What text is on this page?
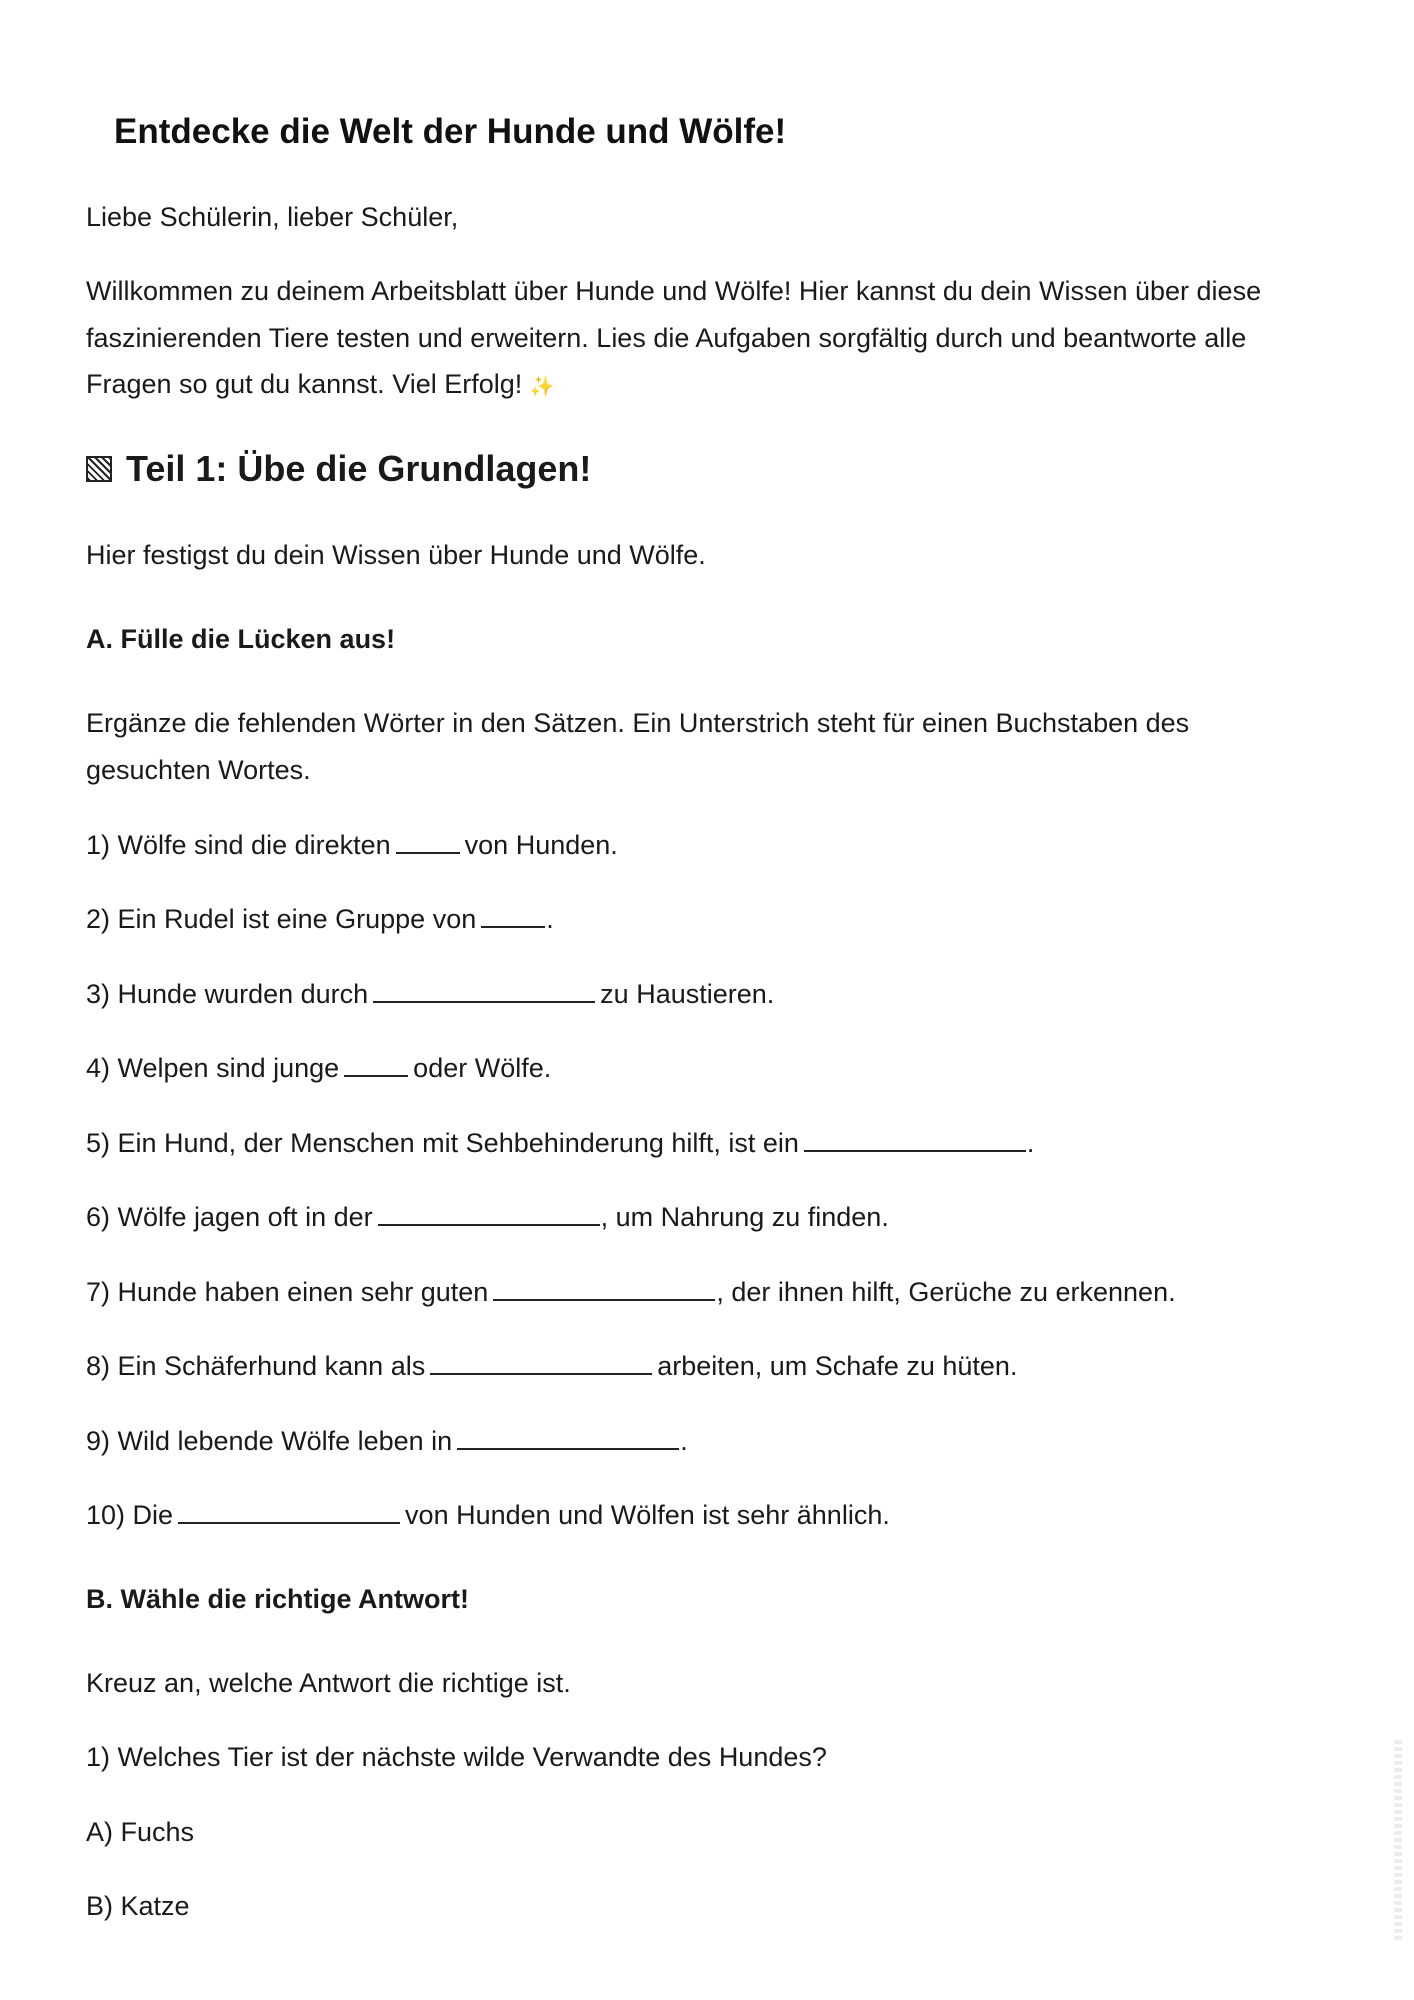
Entdecke die Welt der Hunde und Wölfe!

Liebe Schülerin, lieber Schüler,

Willkommen zu deinem Arbeitsblatt über Hunde und Wölfe! Hier kannst du dein Wissen über diese
faszinierenden Tiere testen und erweitern. Lies die Aufgaben sorgfältig durch und beantworte alle
Fragen so gut du kannst. Viel Erfolg! ✨

Teil 1: Übe die Grundlagen!

Hier festigst du dein Wissen über Hunde und Wölfe.

A. Fülle die Lücken aus!

Ergänze die fehlenden Wörter in den Sätzen. Ein Unterstrich steht für einen Buchstaben des

gesuchten Wortes.

1) Wölfe sind die direkten	von Hunden.

2) Ein Rudel ist eine Gruppe von	.

3) Hunde wurden durch	zu Haustieren.

4) Welpen sind junge	oder Wölfe.

5) Ein Hund, der Menschen mit Sehbehinderung hilft, ist ein	.

6) Wölfe jagen oft in der	, um Nahrung zu finden.

7) Hunde haben einen sehr guten	, der ihnen hilft, Gerüche zu erkennen.

8) Ein Schäferhund kann als	arbeiten, um Schafe zu hüten.

9) Wild lebende Wölfe leben in	.

10) Die	von Hunden und Wölfen ist sehr ähnlich.

B. Wähle die richtige Antwort!

Kreuz an, welche Antwort die richtige ist.

1) Welches Tier ist der nächste wilde Verwandte des Hundes?

A) Fuchs

B) Katze
